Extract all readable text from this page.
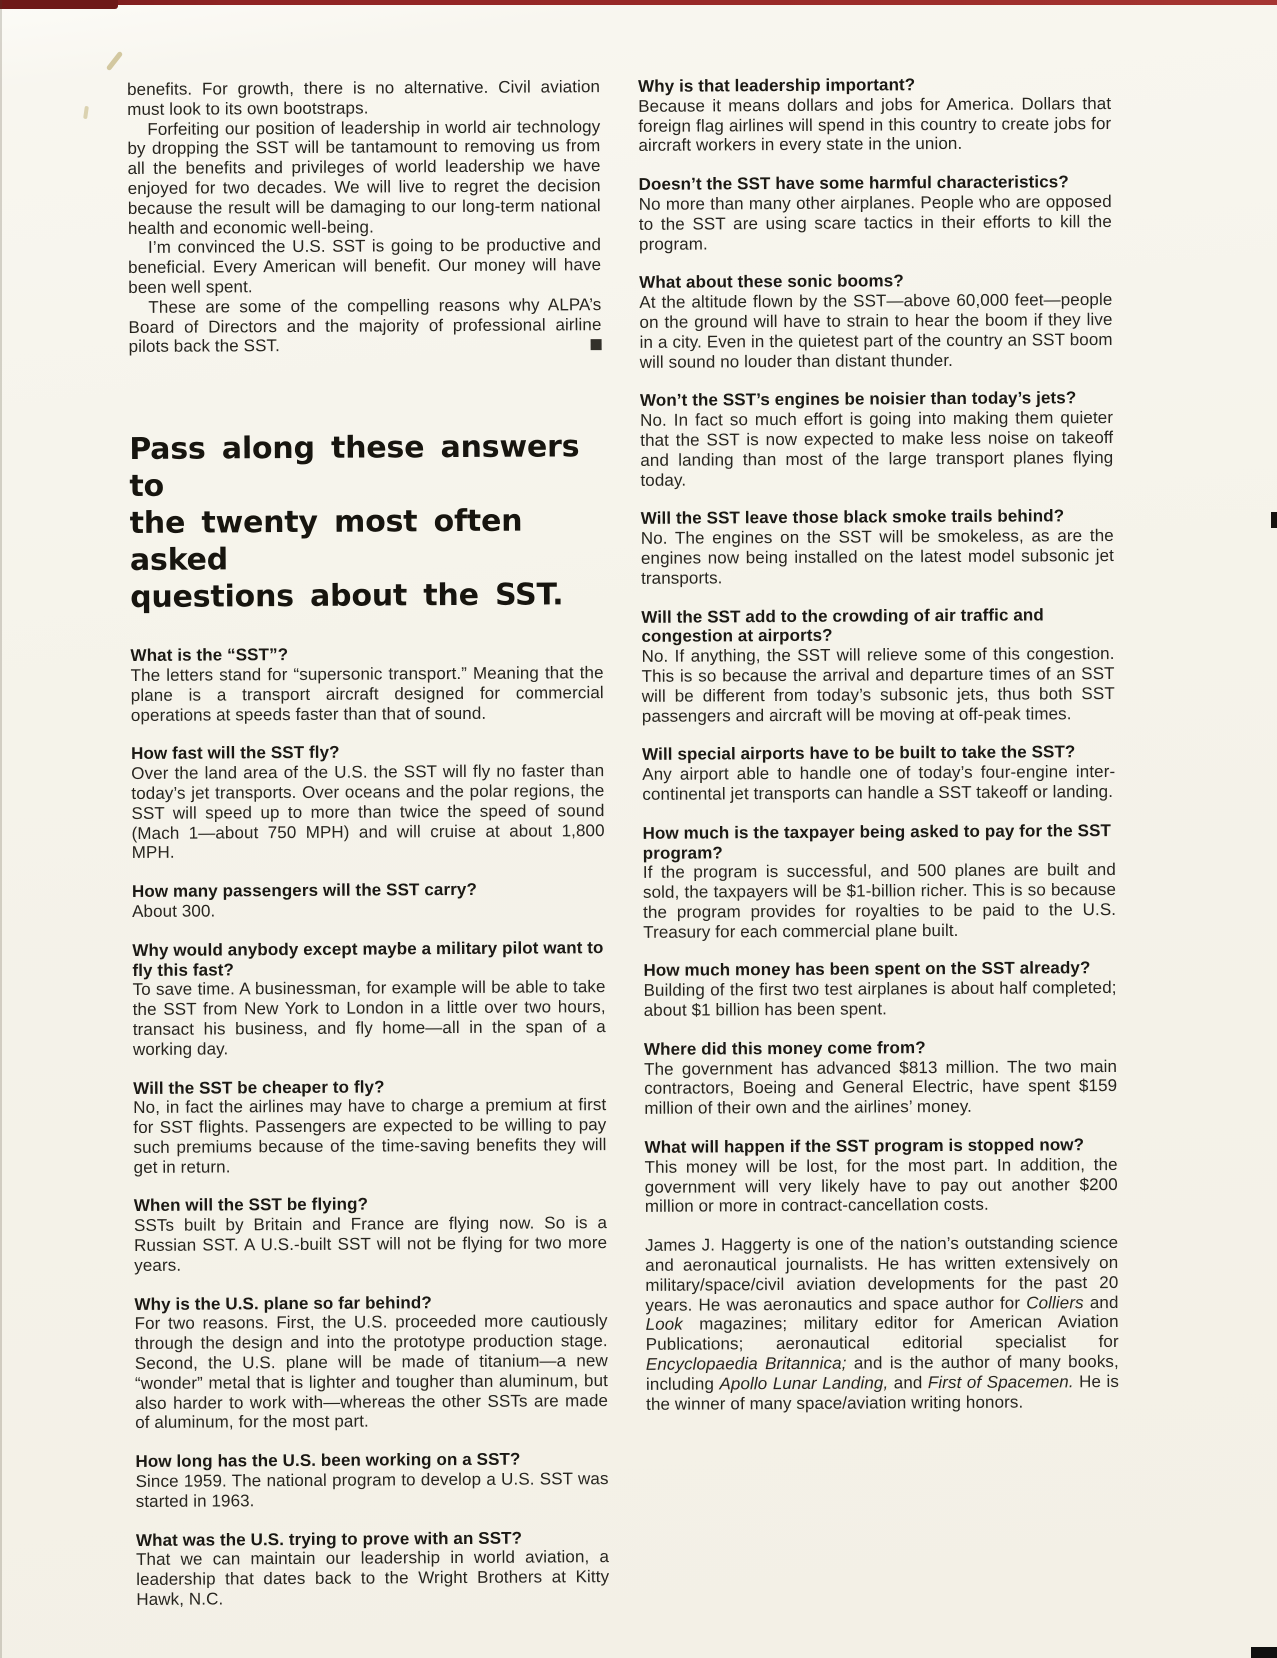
benefits. For growth, there is no alternative. Civil aviation must look to its own bootstraps.

Forfeiting our position of leadership in world air technology by dropping the SST will be tantamount to removing us from all the benefits and privileges of world leadership we have enjoyed for two decades. We will live to regret the decision because the result will be damaging to our long-term national health and economic well-being.

I’m convinced the U.S. SST is going to be productive and beneficial. Every American will benefit. Our money will have been well spent.

These are some of the compelling reasons why ALPA’s Board of Directors and the majority of professional airline pilots back the SST.

Pass along these answers to
the twenty most often asked
questions about the SST.
What is the “SST”?

The letters stand for “supersonic transport.” Meaning that the plane is a transport aircraft designed for commercial operations at speeds faster than that of sound.

How fast will the SST fly?

Over the land area of the U.S. the SST will fly no faster than today’s jet transports. Over oceans and the polar regions, the SST will speed up to more than twice the speed of sound (Mach 1—about 750 MPH) and will cruise at about 1,800 MPH.

How many passengers will the SST carry?

About 300.

Why would anybody except maybe a military pilot want to fly this fast?

To save time. A businessman, for example will be able to take the SST from New York to London in a little over two hours, transact his business, and fly home—all in the span of a working day.

Will the SST be cheaper to fly?

No, in fact the airlines may have to charge a premium at first for SST flights. Passengers are expected to be willing to pay such premiums because of the time-saving benefits they will get in return.

When will the SST be flying?

SSTs built by Britain and France are flying now. So is a Russian SST. A U.S.-built SST will not be flying for two more years.

Why is the U.S. plane so far behind?

For two reasons. First, the U.S. proceeded more cautiously through the design and into the prototype production stage. Second, the U.S. plane will be made of titanium—a new “wonder” metal that is lighter and tougher than aluminum, but also harder to work with—whereas the other SSTs are made of aluminum, for the most part.

How long has the U.S. been working on a SST?

Since 1959. The national program to develop a U.S. SST was started in 1963.

What was the U.S. trying to prove with an SST?

That we can maintain our leadership in world aviation, a leadership that dates back to the Wright Brothers at Kitty Hawk, N.C.

Why is that leadership important?

Because it means dollars and jobs for America. Dollars that foreign flag airlines will spend in this country to create jobs for aircraft workers in every state in the union.

Doesn’t the SST have some harmful characteristics?

No more than many other airplanes. People who are opposed to the SST are using scare tactics in their efforts to kill the program.

What about these sonic booms?

At the altitude flown by the SST—above 60,000 feet—people on the ground will have to strain to hear the boom if they live in a city. Even in the quietest part of the country an SST boom will sound no louder than distant thunder.

Won’t the SST’s engines be noisier than today’s jets?

No. In fact so much effort is going into making them quieter that the SST is now expected to make less noise on takeoff and landing than most of the large transport planes flying today.

Will the SST leave those black smoke trails behind?

No. The engines on the SST will be smokeless, as are the engines now being installed on the latest model subsonic jet transports.

Will the SST add to the crowding of air traffic and congestion at airports?

No. If anything, the SST will relieve some of this congestion. This is so because the arrival and departure times of an SST will be different from today’s subsonic jets, thus both SST passengers and aircraft will be moving at off-peak times.

Will special airports have to be built to take the SST?

Any airport able to handle one of today’s four-engine inter-continental jet transports can handle a SST takeoff or landing.

How much is the taxpayer being asked to pay for the SST program?

If the program is successful, and 500 planes are built and sold, the taxpayers will be $1-billion richer. This is so because the program provides for royalties to be paid to the U.S. Treasury for each commercial plane built.

How much money has been spent on the SST already?

Building of the first two test airplanes is about half completed; about $1 billion has been spent.

Where did this money come from?

The government has advanced $813 million. The two main contractors, Boeing and General Electric, have spent $159 million of their own and the airlines’ money.

What will happen if the SST program is stopped now?

This money will be lost, for the most part. In addition, the government will very likely have to pay out another $200 million or more in contract-cancellation costs.

James J. Haggerty is one of the nation’s outstanding science and aeronautical journalists. He has written extensively on military/space/civil aviation developments for the past 20 years. He was aeronautics and space author for Colliers and Look magazines; military editor for American Aviation Publications; aeronautical editorial specialist for Encyclopaedia Britannica; and is the author of many books, including Apollo Lunar Landing, and First of Spacemen. He is the winner of many space/aviation writing honors.
